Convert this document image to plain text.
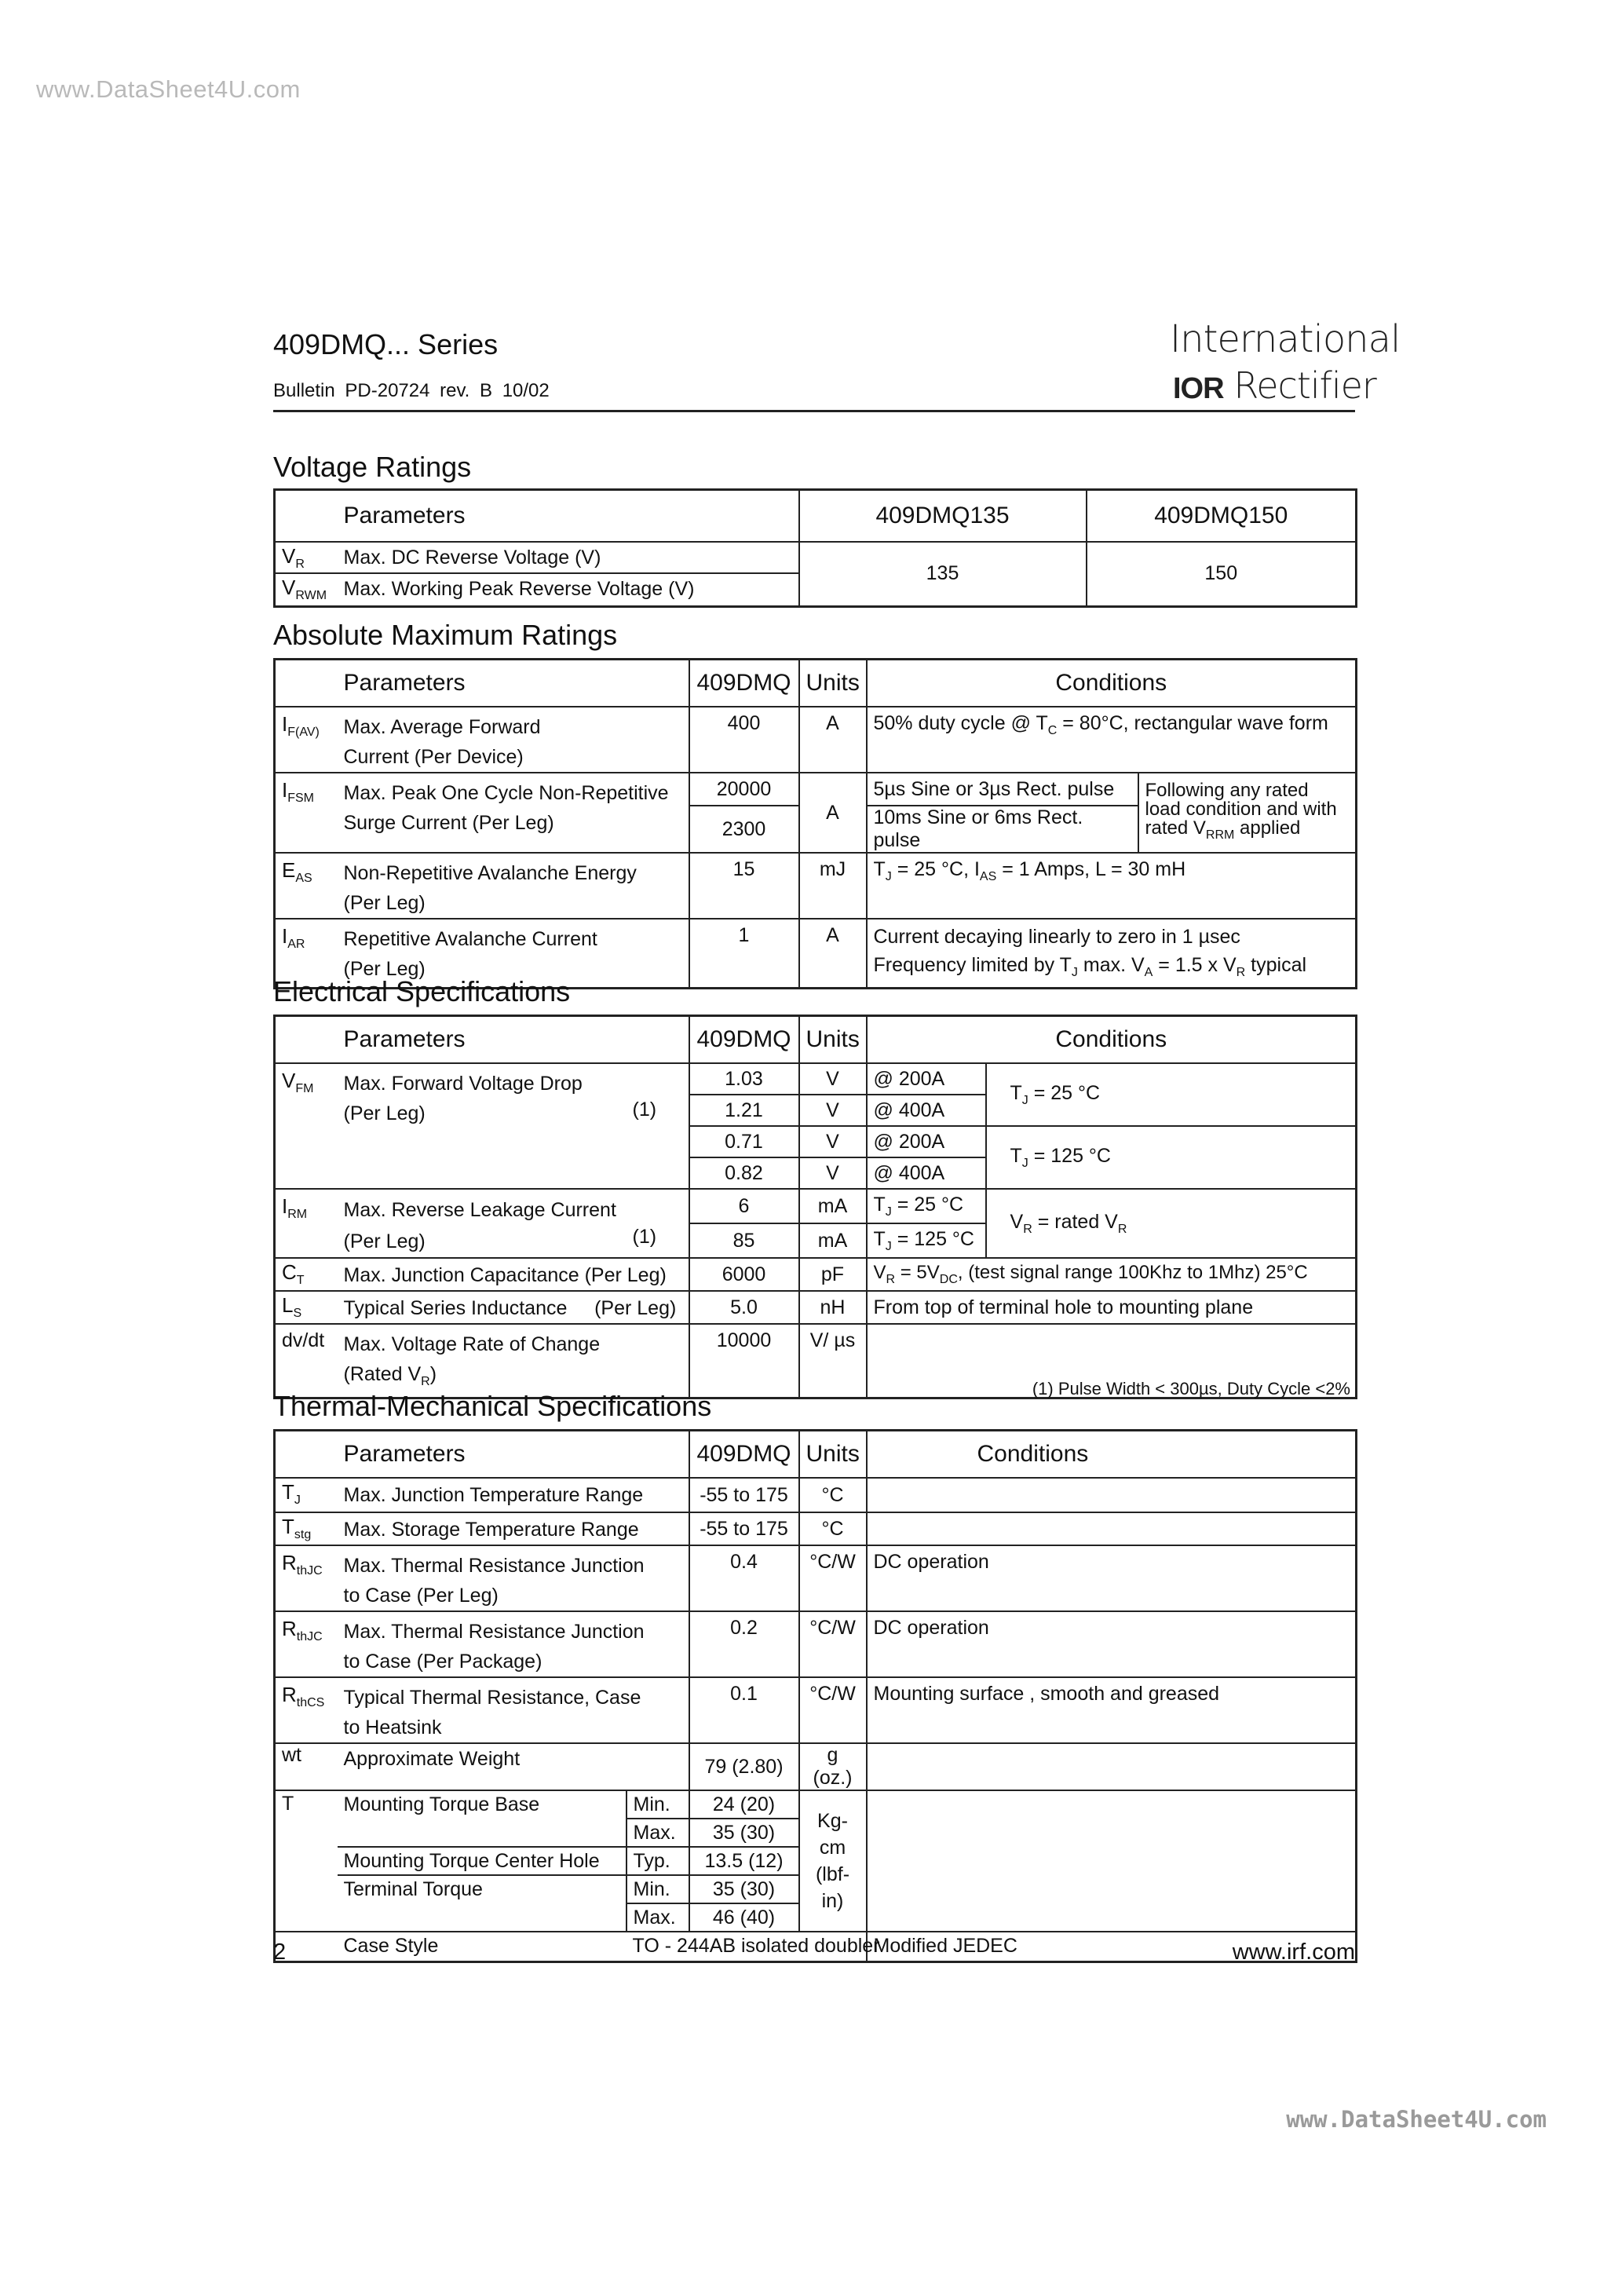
www.DataSheet4U.com
409DMQ... Series
Bulletin PD-20724 rev. B 10/02
International
IOR Rectifier
Voltage Ratings
	Parameters	409DMQ135	409DMQ150
$V_R$	Max. DC Reverse Voltage (V)	135	150
$V_{RWM}$	Max. Working Peak Reverse Voltage (V)		
Absolute Maximum Ratings
	Parameters	409DMQ	Units	Conditions	
$I_{F(AV)}$	Max. Average Forward
Current (Per Device)	400	A	50% duty cycle @ $T_C = 80^\circ C$, rectangular wave form	
$I_{FSM}$	Max. Peak One Cycle Non-Repetitive
Surge Current (Per Leg)	20000	A	5µs Sine or 3µs Rect. pulse	Following any rated
load condition and with
rated $V_{RRM}$ applied
		2300		10ms Sine or 6ms Rect. pulse	
$E_{AS}$	Non-Repetitive Avalanche Energy
(Per Leg)	15	mJ	$T_J = 25$ °C, $I_{AS} = 1$ Amps, L = 30 mH	
$I_{AR}$	Repetitive Avalanche Current
(Per Leg)	1	A	Current decaying linearly to zero in 1 µsec
Frequency limited by $T_J$ max. $V_A = 1.5$ x $V_R$ typical	
Electrical Specifications
	Parameters		409DMQ	Units	Conditions	
$V_{FM}$	Max. Forward Voltage Drop
(Per Leg)	(1)	1.03	V	@ 200A	$T_J = 25$ °C
			1.21	V	@ 400A	
			0.71	V	@ 200A	$T_J = 125$ °C
			0.82	V	@ 400A	
$I_{RM}$	Max. Reverse Leakage Current
(Per Leg)	(1)	6	mA	$T_J = 25$ °C	$V_R$ = rated $V_R$
			85	mA	$T_J = 125$ °C	
$C_T$	Max. Junction Capacitance (Per Leg)		6000	pF	$V_R = 5V_{DC}$, (test signal range 100Khz to 1Mhz) 25°C	
$L_S$	Typical Series Inductance     (Per Leg)		5.0	nH	From top of terminal hole to mounting plane	
dv/dt	Max. Voltage Rate of Change
(Rated $V_R$)		10000	V/ µs		
(1) Pulse Width < 300µs, Duty Cycle <2%
Thermal-Mechanical Specifications
	Parameters		409DMQ	Units	Conditions
$T_J$	Max. Junction Temperature Range		-55 to 175	°C	
$T_{stg}$	Max. Storage Temperature Range		-55 to 175	°C	
$R_{thJC}$	Max. Thermal Resistance Junction
to Case (Per Leg)		0.4	°C/W	DC operation
$R_{thJC}$	Max. Thermal Resistance Junction
to Case (Per Package)		0.2	°C/W	DC operation
$R_{thCS}$	Typical Thermal Resistance, Case
to Heatsink		0.1	°C/W	Mounting surface , smooth and greased
wt	Approximate Weight		79 (2.80)	g (oz.)	
T	Mounting Torque Base	Min.	24 (20)	Kg-cm
(lbf-in)	
		Max.	35 (30)		
	Mounting Torque Center Hole	Typ.	13.5 (12)		
	Terminal Torque	Min.	35 (30)		
		Max.	46 (40)		
	Case Style	TO - 244AB isolated doubler			Modified JEDEC
2	www.irf.com
www.DataSheet4U.com
